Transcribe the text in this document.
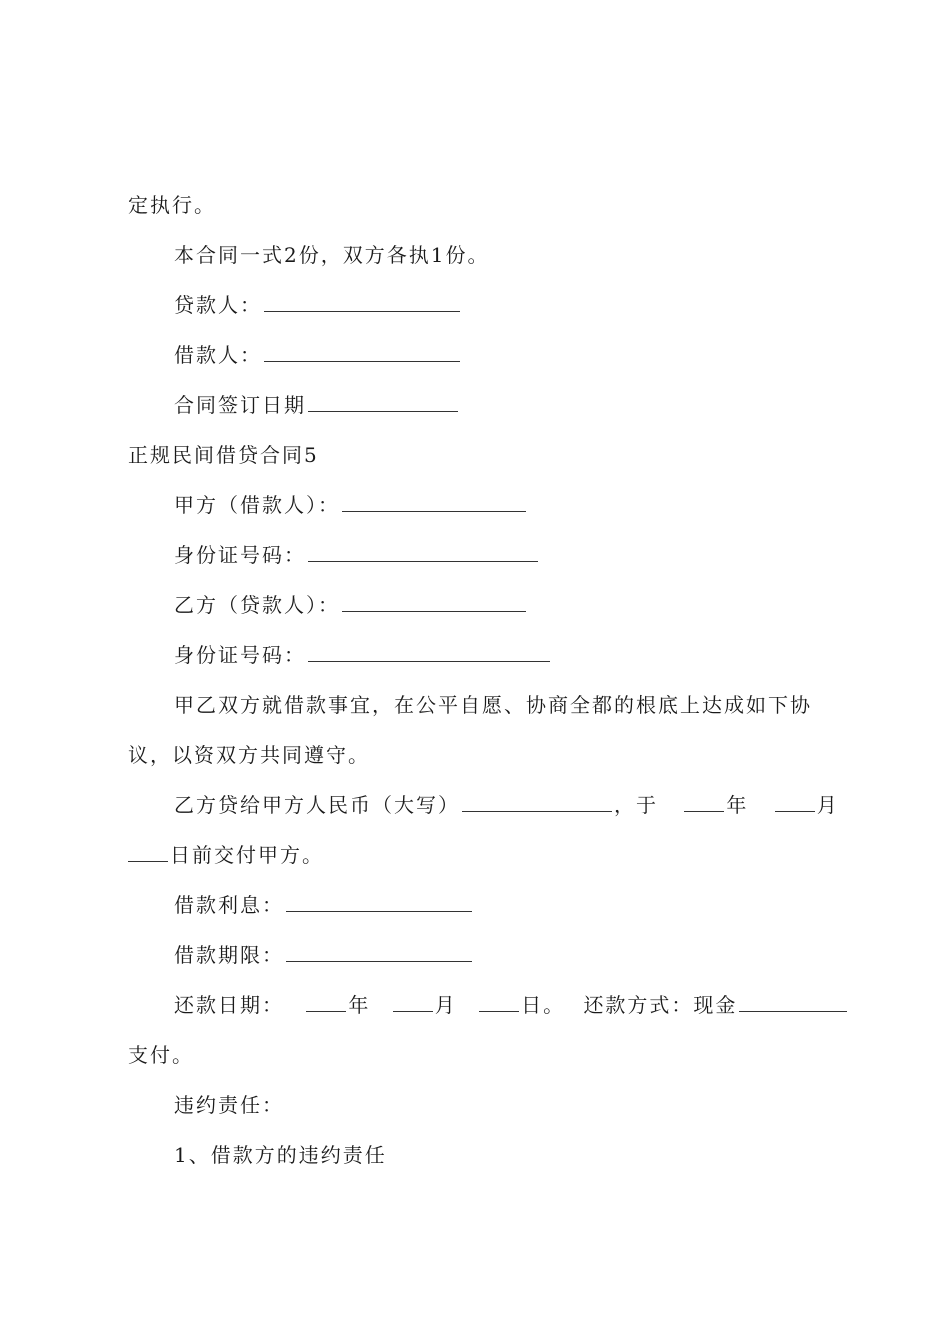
定执行。
本合同一式2份，双方各执1份。
贷款人：
借款人：
合同签订日期
正规民间借贷合同5
甲方（借款人）：
身份证号码：
乙方（贷款人）：
身份证号码：
甲乙双方就借款事宜，在公平自愿、协商全都的根底上达成如下协
议，以资双方共同遵守。
乙方贷给甲方人民币（大写）	，于	年	月
日前交付甲方。
借款利息：
借款期限：
还款日期：	年	月	日。 还款方式：现金
支付。
违约责任：
1、借款方的违约责任
